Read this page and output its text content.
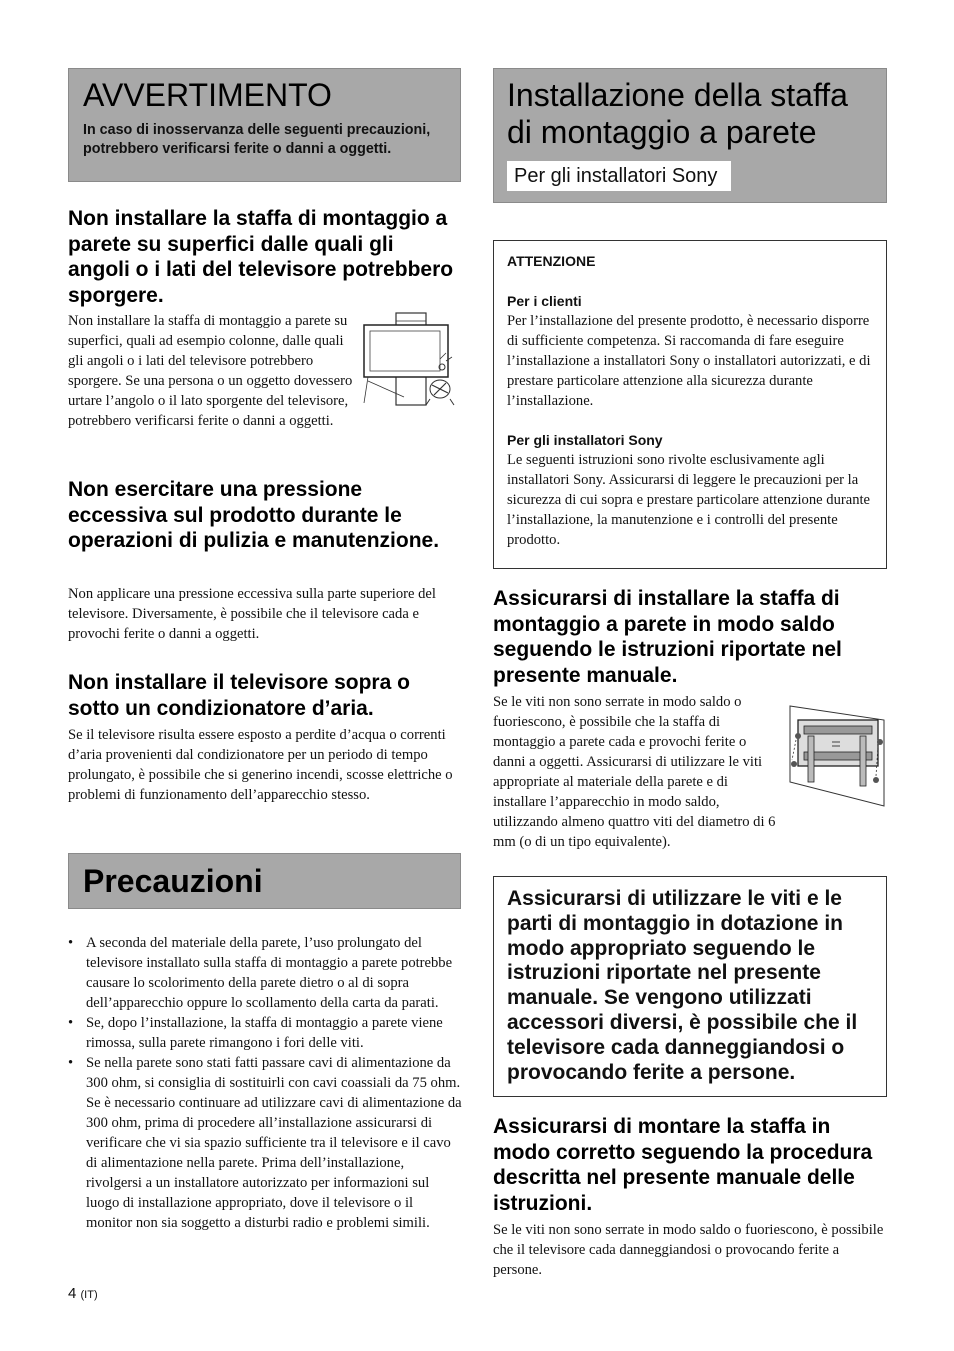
AVVERTIMENTO
In caso di inosservanza delle seguenti precauzioni, potrebbero verificarsi ferite o danni a oggetti.
Non installare la staffa di montaggio a parete su superfici dalle quali gli angoli o i lati del televisore potrebbero sporgere.

Non installare la staffa di montaggio a parete su superfici, quali ad esempio colonne, dalle quali gli angoli o i lati del televisore potrebbero sporgere. Se una persona o un oggetto dovessero urtare l’angolo o il lato sporgente del televisore, potrebbero verificarsi ferite o danni a oggetti.

Non esercitare una pressione eccessiva sul prodotto durante le operazioni di pulizia e manutenzione.

Non applicare una pressione eccessiva sulla parte superiore del televisore. Diversamente, è possibile che il televisore cada e provochi ferite o danni a oggetti.

Non installare il televisore sopra o sotto un condizionatore d’aria.

Se il televisore risulta essere esposto a perdite d’acqua o correnti d’aria provenienti dal condizionatore per un periodo di tempo prolungato, è possibile che si generino incendi, scosse elettriche o problemi di funzionamento dell’apparecchio stesso.

Precauzioni
• A seconda del materiale della parete, l’uso prolungato del televisore installato sulla staffa di montaggio a parete potrebbe causare lo scolorimento della parete dietro o al di sopra dell’apparecchio oppure lo scollamento della carta da parati.
• Se, dopo l’installazione, la staffa di montaggio a parete viene rimossa, sulla parete rimangono i fori delle viti.
• Se nella parete sono stati fatti passare cavi di alimentazione da 300 ohm, si consiglia di sostituirli con cavi coassiali da 75 ohm. Se è necessario continuare ad utilizzare cavi di alimentazione da 300 ohm, prima di procedere all’installazione assicurarsi di verificare che vi sia spazio sufficiente tra il televisore e il cavo di alimentazione nella parete. Prima dell’installazione, rivolgersi a un installatore autorizzato per informazioni sul luogo di installazione appropriato, dove il televisore o il monitor non sia soggetto a disturbi radio e problemi simili.
4 (IT)
Installazione della staffa di montaggio a parete
Per gli installatori Sony
ATTENZIONE
Per i clienti

Per l’installazione del presente prodotto, è necessario disporre di sufficiente competenza. Si raccomanda di fare eseguire l’installazione a installatori Sony o installatori autorizzati, e di prestare particolare attenzione alla sicurezza durante l’installazione.

Per gli installatori Sony

Le seguenti istruzioni sono rivolte esclusivamente agli installatori Sony. Assicurarsi di leggere le precauzioni per la sicurezza di cui sopra e prestare particolare attenzione durante l’installazione, la manutenzione e i controlli del presente prodotto.

Assicurarsi di installare la staffa di montaggio a parete in modo saldo seguendo le istruzioni riportate nel presente manuale.

Se le viti non sono serrate in modo saldo o fuoriescono, è possibile che la staffa di montaggio a parete cada e provochi ferite o danni a oggetti. Assicurarsi di utilizzare le viti appropriate al materiale della parete e di installare l’apparecchio in modo saldo, utilizzando almeno quattro viti del diametro di 6 mm (o di un tipo equivalente).

Assicurarsi di utilizzare le viti e le parti di montaggio in dotazione in modo appropriato seguendo le istruzioni riportate nel presente manuale. Se vengono utilizzati accessori diversi, è possibile che il televisore cada danneggiandosi o provocando ferite a persone.
Assicurarsi di montare la staffa in modo corretto seguendo la procedura descritta nel presente manuale delle istruzioni.

Se le viti non sono serrate in modo saldo o fuoriescono, è possibile che il televisore cada danneggiandosi o provocando ferite a persone.
